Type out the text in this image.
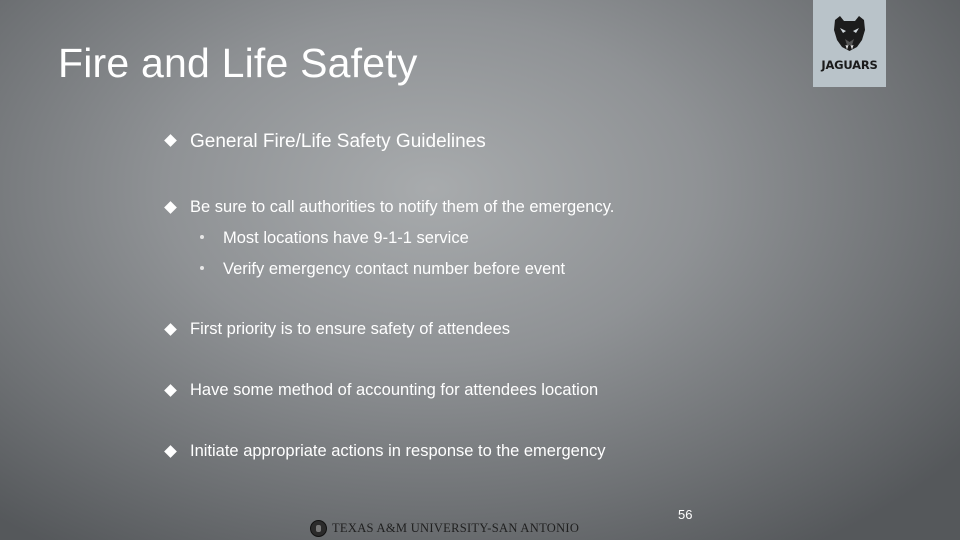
Fire and Life Safety	JAGUARS
General Fire/Life Safety Guidelines
Be sure to call authorities to notify them of the emergency.
Most locations have 9-1-1 service
Verify emergency contact number before event
First priority is to ensure safety of attendees
Have some method of accounting for attendees location
Initiate appropriate actions in response to the emergency
56
TEXAS A&M UNIVERSITY-SAN ANTONIO
